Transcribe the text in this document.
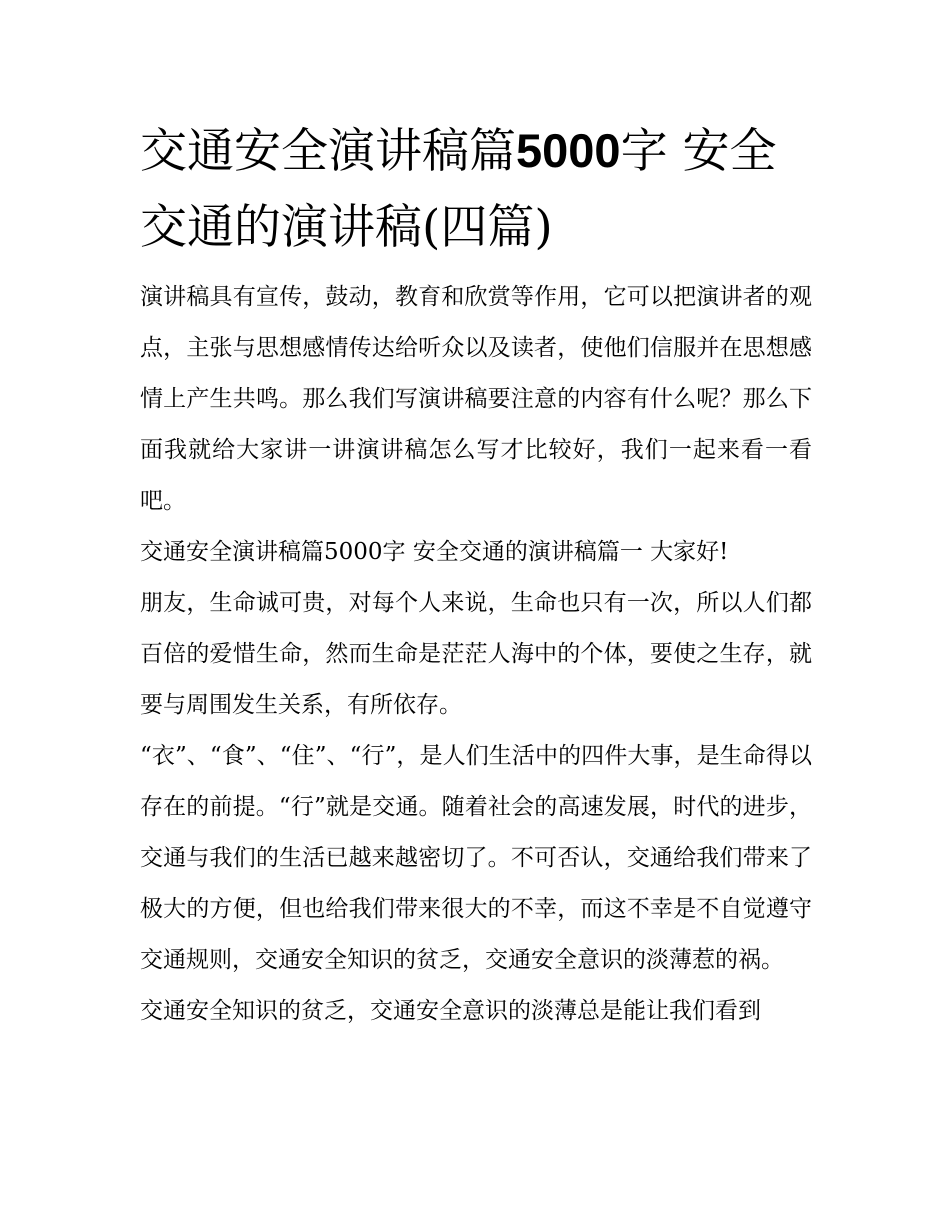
交通安全演讲稿篇5000字 安全交通的演讲稿(四篇)

演讲稿具有宣传，鼓动，教育和欣赏等作用，它可以把演讲者的观点，主张与思想感情传达给听众以及读者，使他们信服并在思想感情上产生共鸣。那么我们写演讲稿要注意的内容有什么呢？那么下面我就给大家讲一讲演讲稿怎么写才比较好，我们一起来看一看吧。

交通安全演讲稿篇5000字 安全交通的演讲稿篇一 大家好!

朋友，生命诚可贵，对每个人来说，生命也只有一次，所以人们都百倍的爱惜生命，然而生命是茫茫人海中的个体，要使之生存，就要与周围发生关系，有所依存。

“衣”、“食”、“住”、“行”，是人们生活中的四件大事，是生命得以存在的前提。“行”就是交通。随着社会的高速发展，时代的进步，交通与我们的生活已越来越密切了。不可否认，交通给我们带来了极大的方便，但也给我们带来很大的不幸，而这不幸是不自觉遵守交通规则，交通安全知识的贫乏，交通安全意识的淡薄惹的祸。

交通安全知识的贫乏，交通安全意识的淡薄总是能让我们看到
